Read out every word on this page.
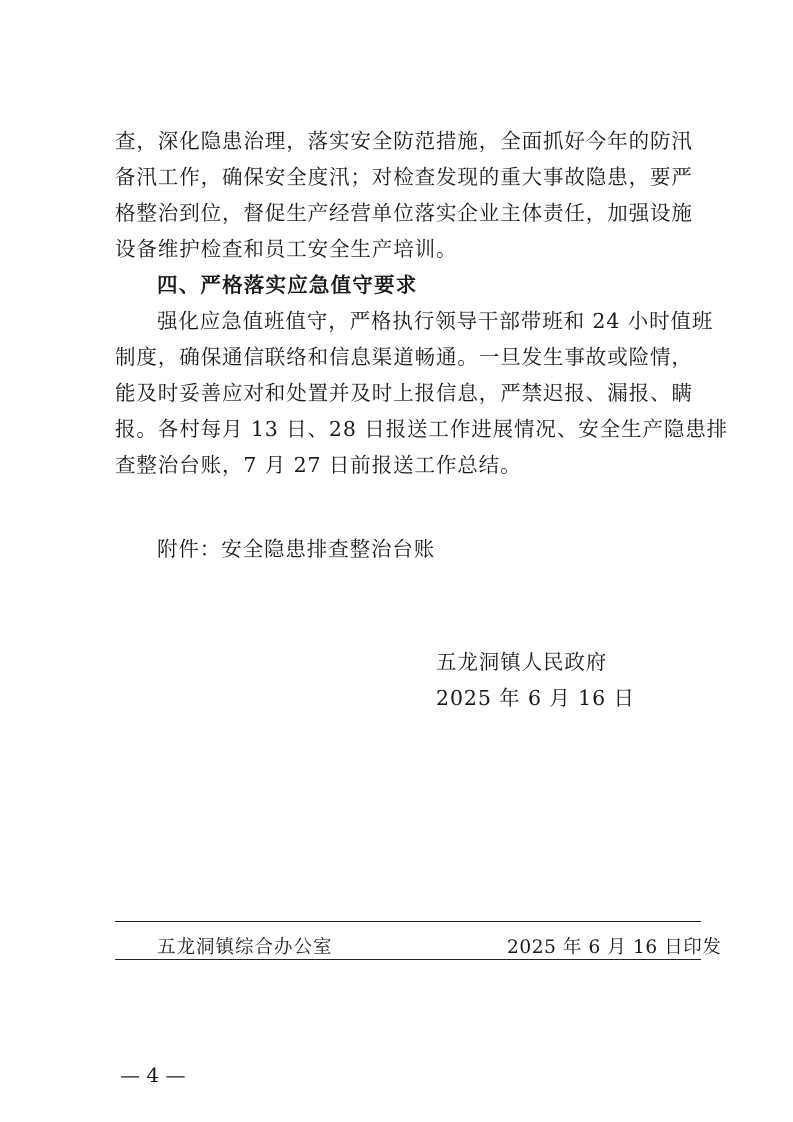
查，深化隐患治理，落实安全防范措施，全面抓好今年的防汛
备汛工作，确保安全度汛；对检查发现的重大事故隐患，要严
格整治到位，督促生产经营单位落实企业主体责任，加强设施
设备维护检查和员工安全生产培训。
四、严格落实应急值守要求
强化应急值班值守，严格执行领导干部带班和 24 小时值班
制度，确保通信联络和信息渠道畅通。一旦发生事故或险情，
能及时妥善应对和处置并及时上报信息，严禁迟报、漏报、瞒
报。各村每月 13 日、28 日报送工作进展情况、安全生产隐患排
查整治台账，7 月 27 日前报送工作总结。
附件：安全隐患排查整治台账
五龙洞镇人民政府
2025 年 6 月 16 日
五龙洞镇综合办公室	2025 年 6 月 16 日印发
— 4 —
